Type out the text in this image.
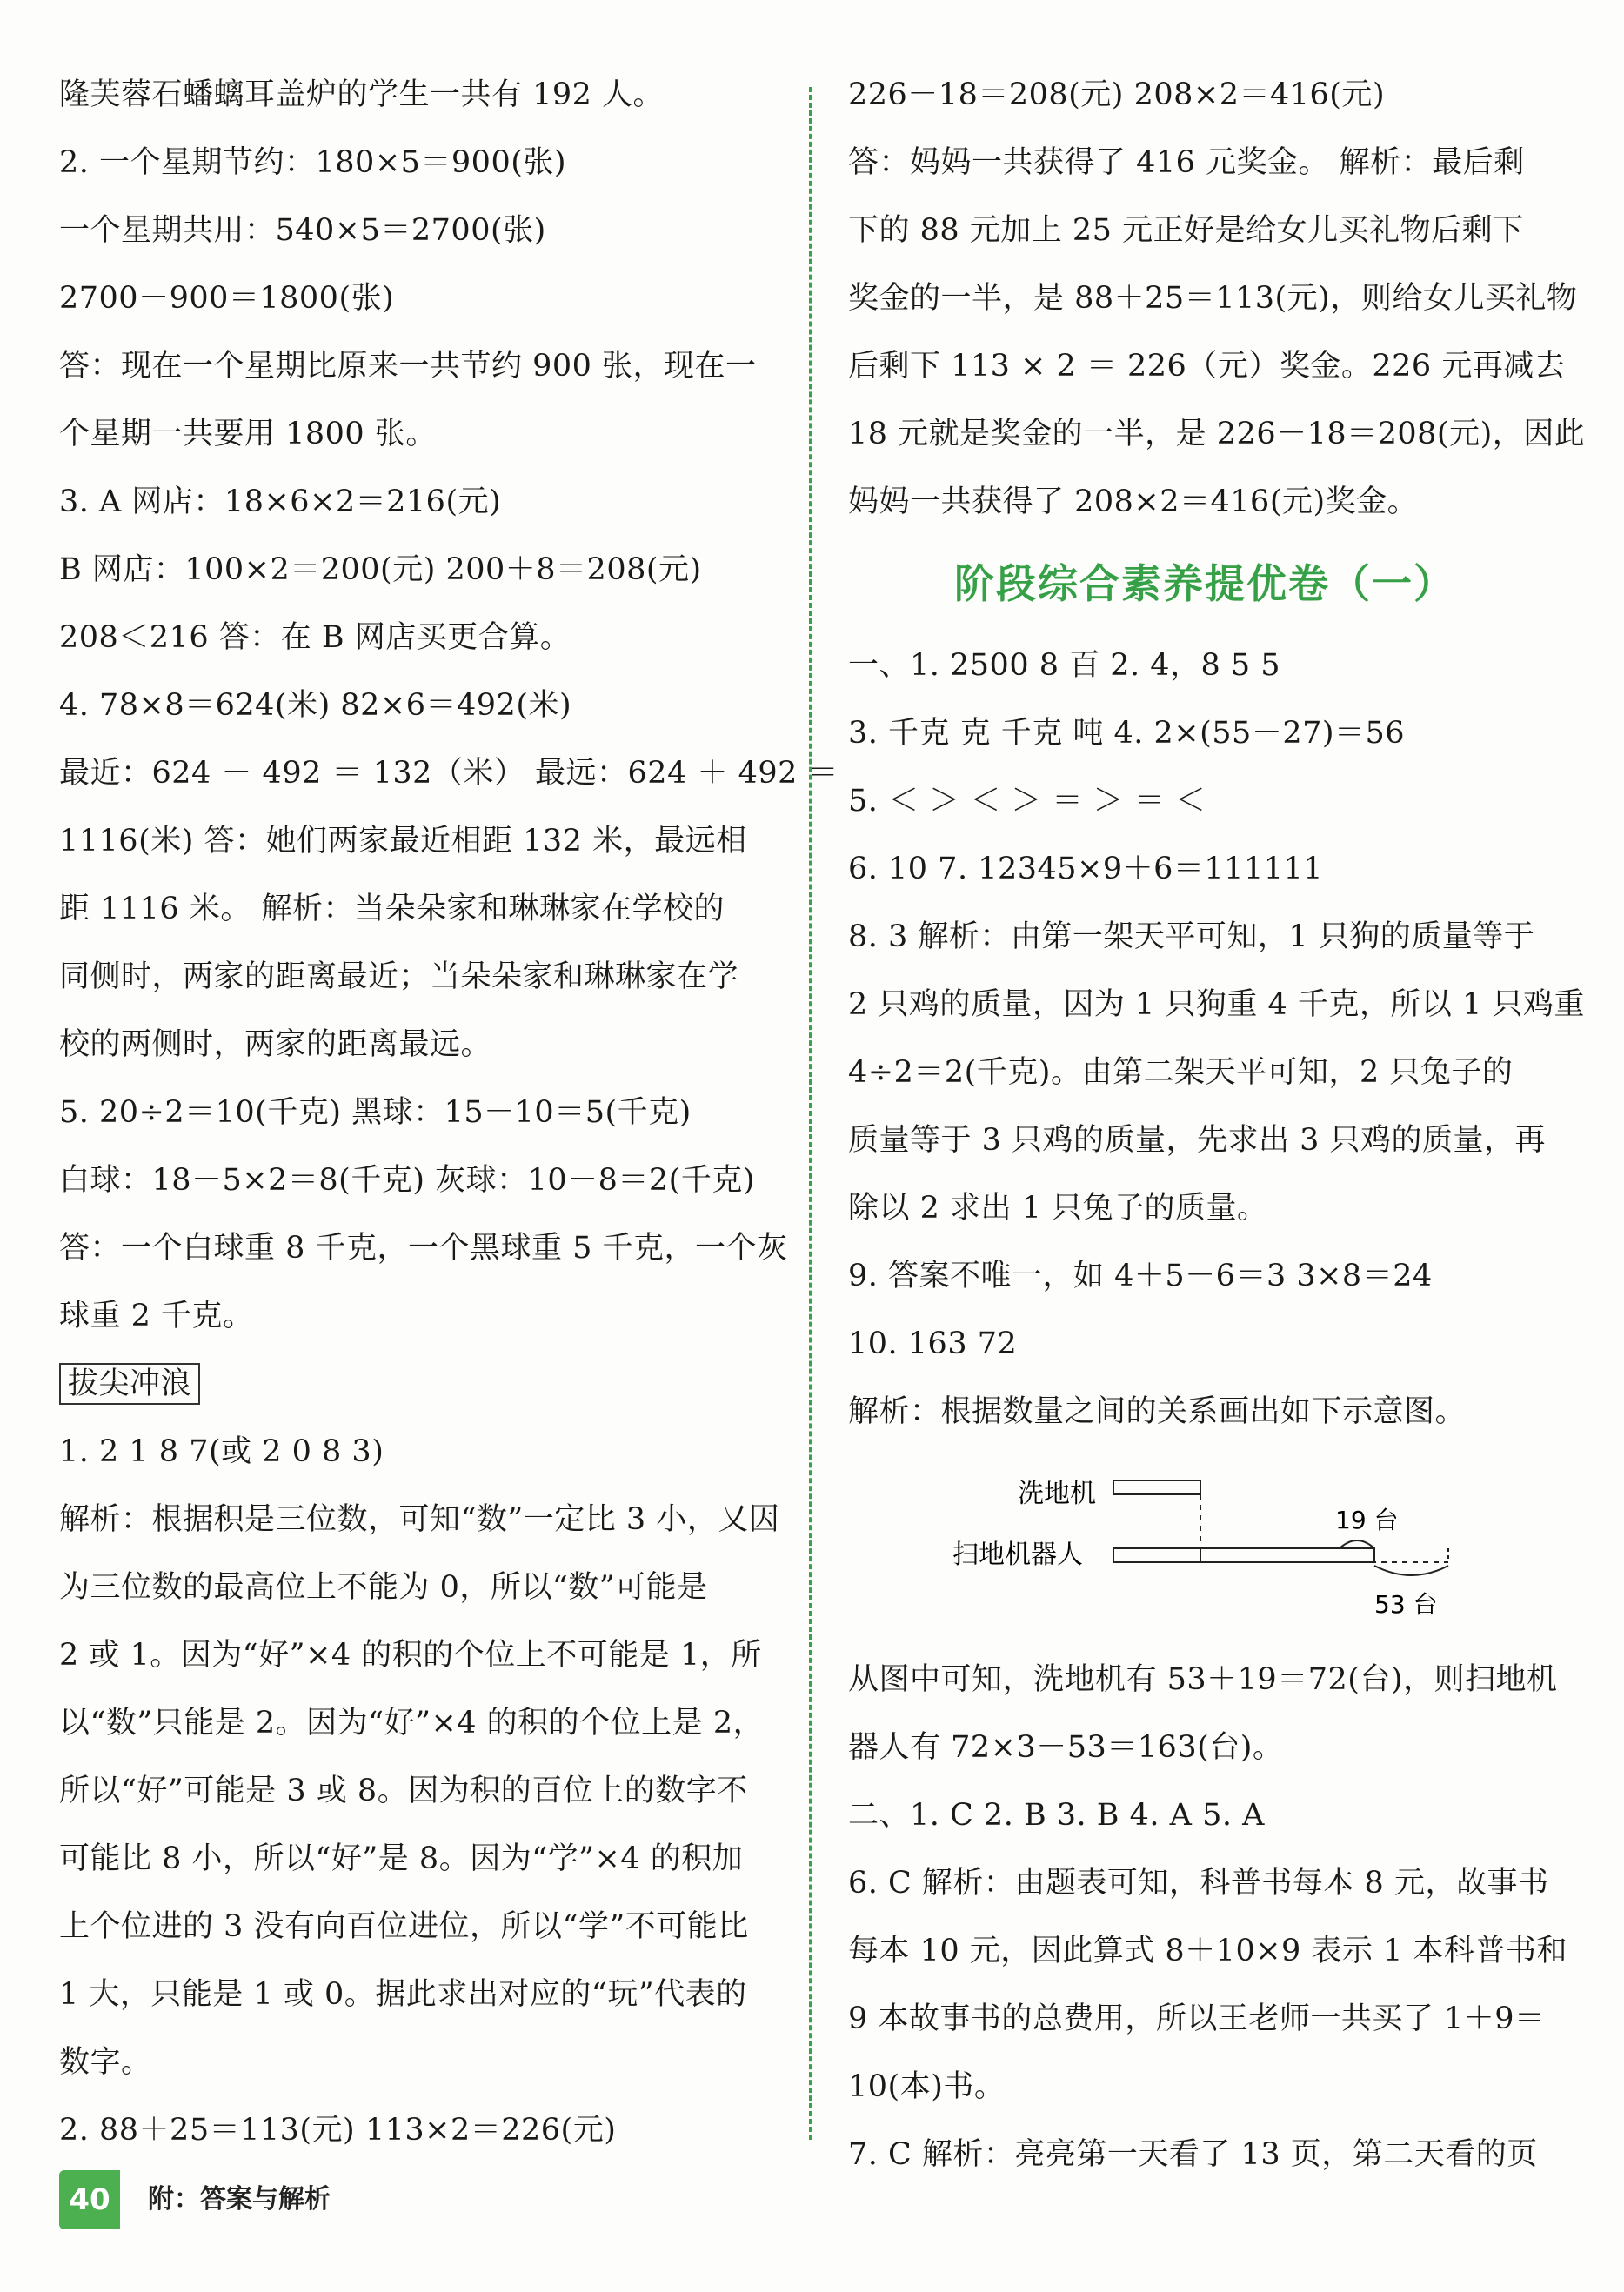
隆芙蓉石蟠螭耳盖炉的学生一共有 192 人。
2. 一个星期节约：180×5＝900(张)
一个星期共用：540×5＝2700(张)
2700－900＝1800(张)
答：现在一个星期比原来一共节约 900 张，现在一
个星期一共要用 1800 张。
3. A 网店：18×6×2＝216(元)
B 网店：100×2＝200(元) 200＋8＝208(元)
208＜216 答：在 B 网店买更合算。
4. 78×8＝624(米) 82×6＝492(米)
最近：624 － 492 ＝ 132（米） 最远：624 ＋ 492 ＝
1116(米) 答：她们两家最近相距 132 米，最远相
距 1116 米。 解析：当朵朵家和琳琳家在学校的
同侧时，两家的距离最近；当朵朵家和琳琳家在学
校的两侧时，两家的距离最远。
5. 20÷2＝10(千克) 黑球：15－10＝5(千克)
白球：18－5×2＝8(千克) 灰球：10－8＝2(千克)
答：一个白球重 8 千克，一个黑球重 5 千克，一个灰
球重 2 千克。
拔尖冲浪
1. 2 1 8 7(或 2 0 8 3)
解析：根据积是三位数，可知“数”一定比 3 小，又因
为三位数的最高位上不能为 0，所以“数”可能是
2 或 1。因为“好”×4 的积的个位上不可能是 1，所
以“数”只能是 2。因为“好”×4 的积的个位上是 2，
所以“好”可能是 3 或 8。因为积的百位上的数字不
可能比 8 小，所以“好”是 8。因为“学”×4 的积加
上个位进的 3 没有向百位进位，所以“学”不可能比
1 大，只能是 1 或 0。据此求出对应的“玩”代表的
数字。
2. 88＋25＝113(元) 113×2＝226(元)
226－18＝208(元) 208×2＝416(元)
答：妈妈一共获得了 416 元奖金。 解析：最后剩
下的 88 元加上 25 元正好是给女儿买礼物后剩下
奖金的一半，是 88＋25＝113(元)，则给女儿买礼物
后剩下 113 × 2 ＝ 226（元）奖金。226 元再减去
18 元就是奖金的一半，是 226－18＝208(元)，因此
妈妈一共获得了 208×2＝416(元)奖金。
阶段综合素养提优卷（一）
一、1. 2500 8 百 2. 4，8 5 5
3. 千克 克 千克 吨 4. 2×(55－27)＝56
5. ＜ ＞ ＜ ＞ ＝ ＞ ＝ ＜
6. 10 7. 12345×9＋6＝111111
8. 3 解析：由第一架天平可知，1 只狗的质量等于
2 只鸡的质量，因为 1 只狗重 4 千克，所以 1 只鸡重
4÷2＝2(千克)。由第二架天平可知，2 只兔子的
质量等于 3 只鸡的质量，先求出 3 只鸡的质量，再
除以 2 求出 1 只兔子的质量。
9. 答案不唯一，如 4＋5－6＝3 3×8＝24
10. 163 72
解析：根据数量之间的关系画出如下示意图。
洗地机
扫地机器人
19 台
53 台
从图中可知，洗地机有 53＋19＝72(台)，则扫地机
器人有 72×3－53＝163(台)。
二、1. C 2. B 3. B 4. A 5. A
6. C 解析：由题表可知，科普书每本 8 元，故事书
每本 10 元，因此算式 8＋10×9 表示 1 本科普书和
9 本故事书的总费用，所以王老师一共买了 1＋9＝
10(本)书。
7. C 解析：亮亮第一天看了 13 页，第二天看的页
40	附：答案与解析
